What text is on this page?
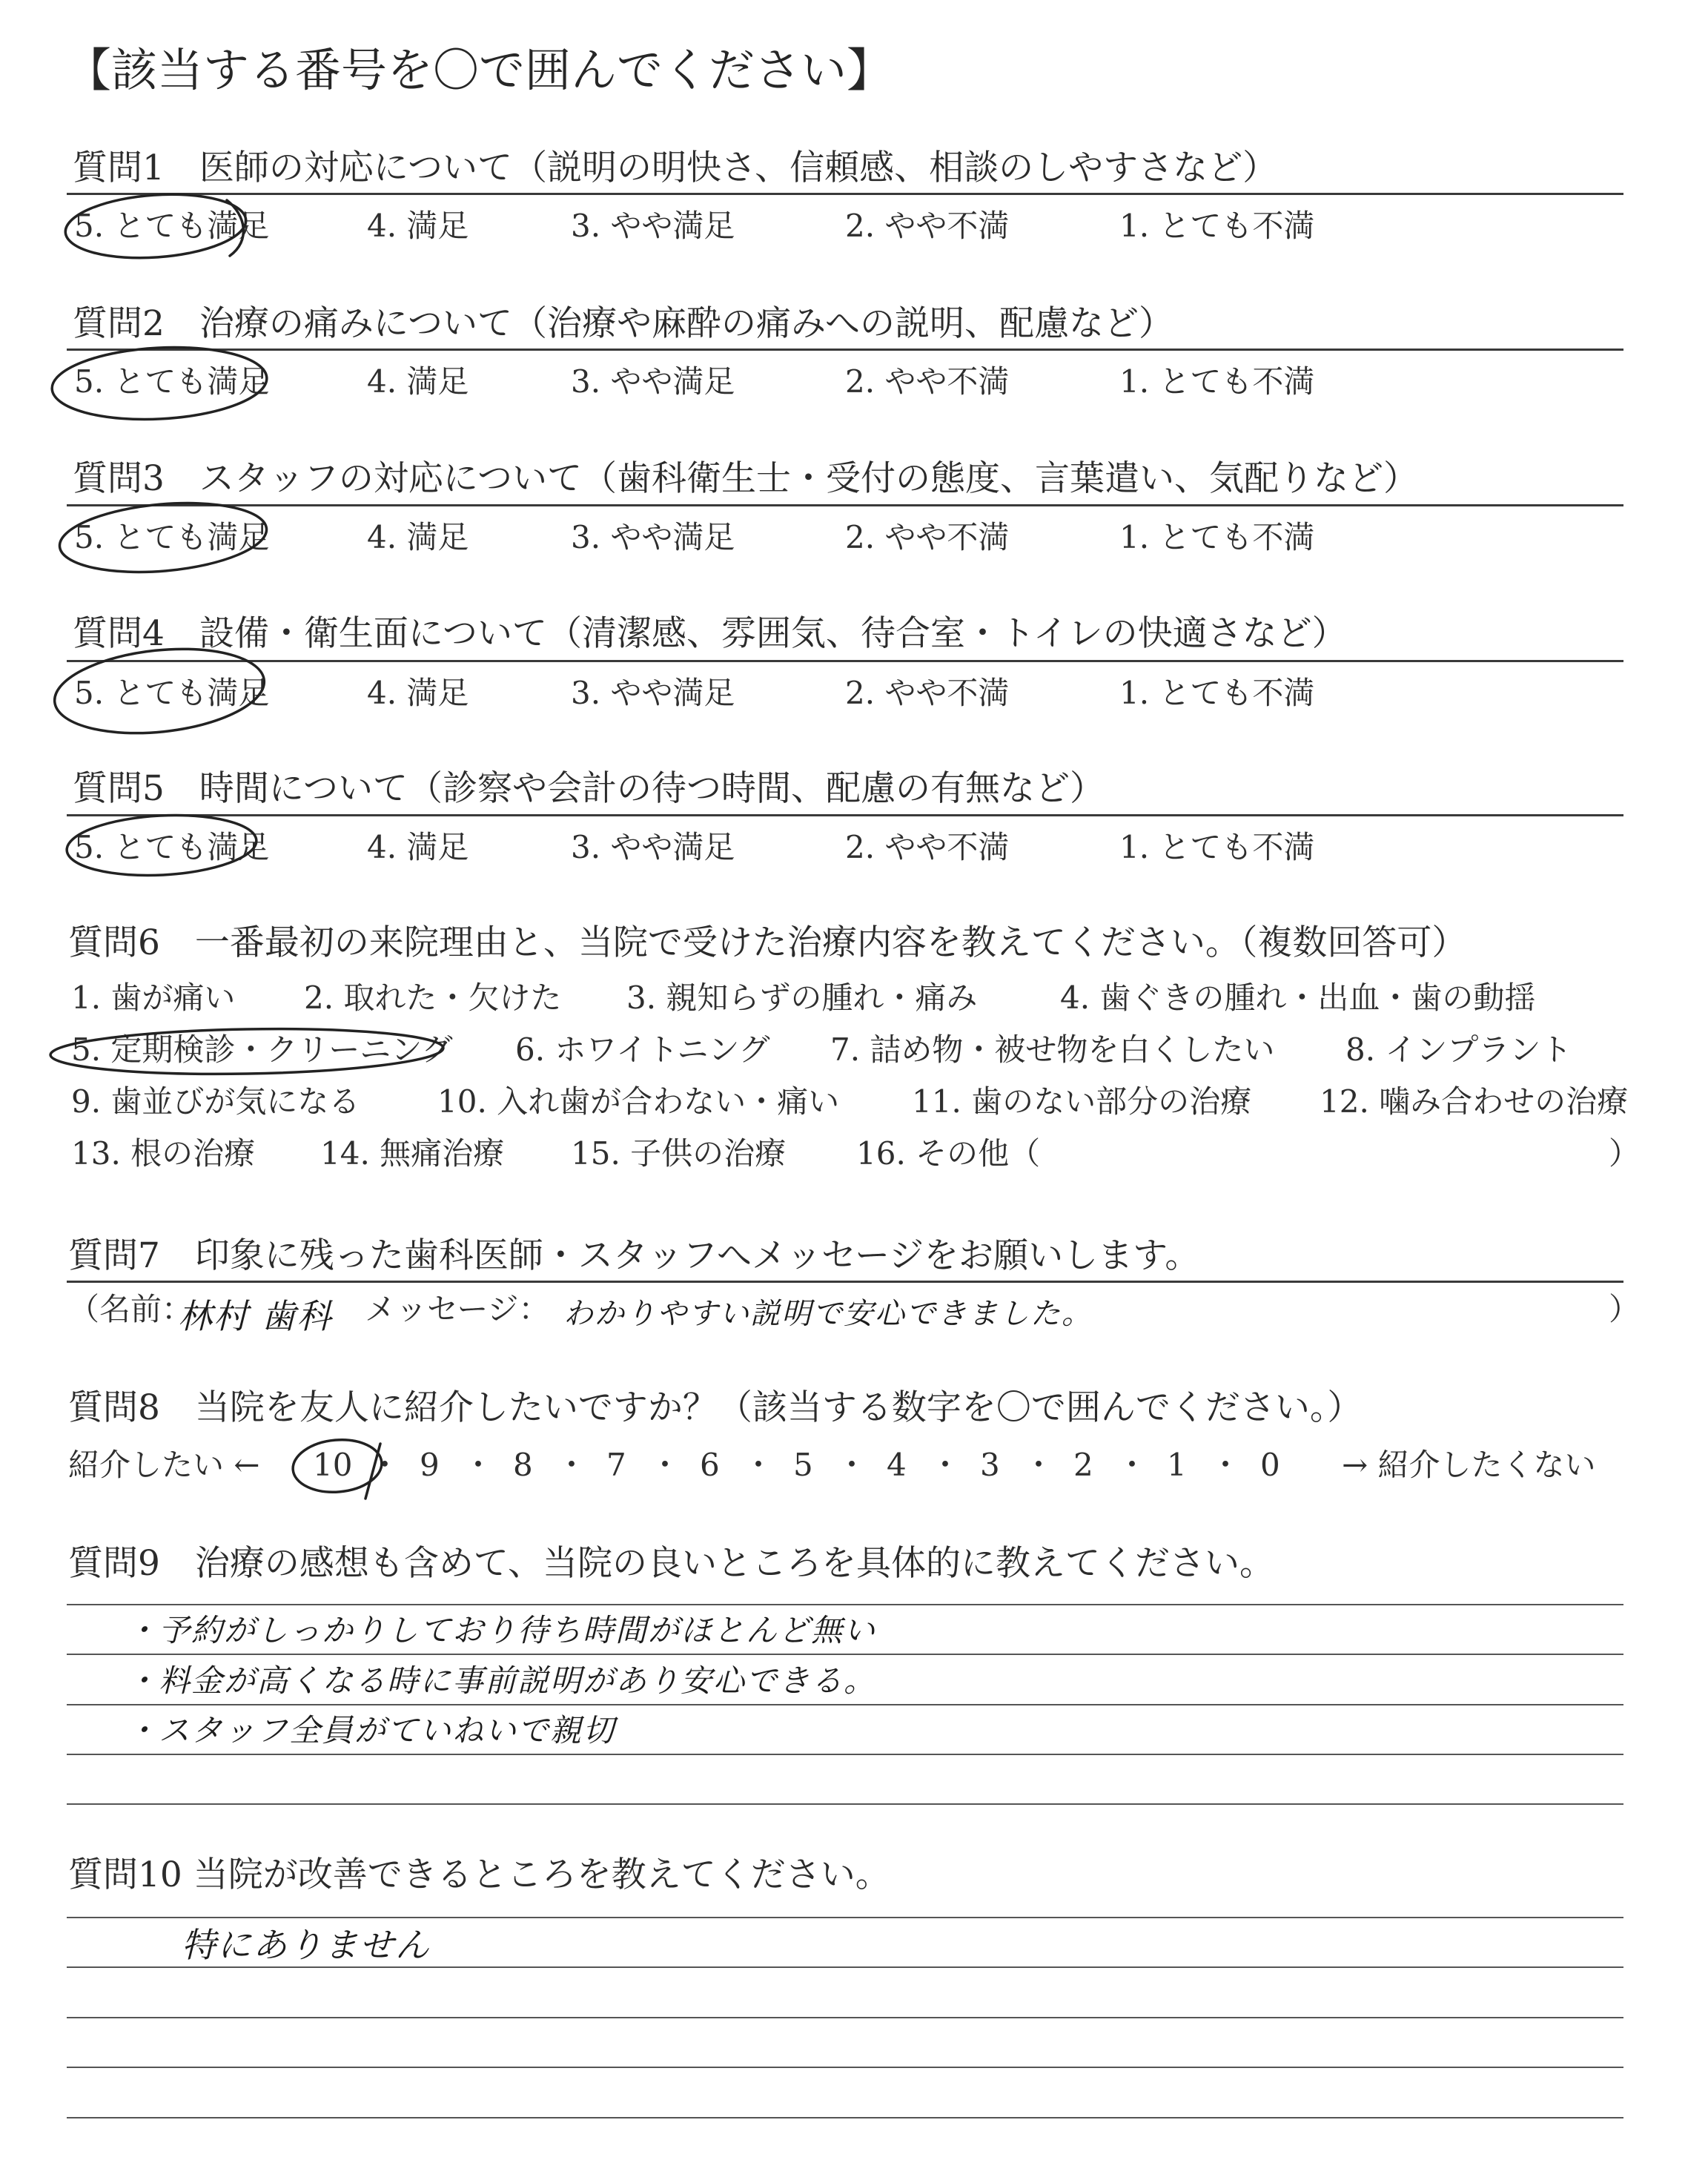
【該当する番号を〇で囲んでください】
質問1　医師の対応について（説明の明快さ、信頼感、相談のしやすさなど）
5. とても満足	4. 満足	3. やや満足	2. やや不満	1. とても不満
質問2　治療の痛みについて（治療や麻酔の痛みへの説明、配慮など）
5. とても満足	4. 満足	3. やや満足	2. やや不満	1. とても不満
質問3　スタッフの対応について（歯科衛生士・受付の態度、言葉遣い、気配りなど）
5. とても満足	4. 満足	3. やや満足	2. やや不満	1. とても不満
質問4　設備・衛生面について（清潔感、雰囲気、待合室・トイレの快適さなど）
5. とても満足	4. 満足	3. やや満足	2. やや不満	1. とても不満
質問5　時間について（診察や会計の待つ時間、配慮の有無など）
5. とても満足	4. 満足	3. やや満足	2. やや不満	1. とても不満
質問6　一番最初の来院理由と、当院で受けた治療内容を教えてください。（複数回答可）
1. 歯が痛い 2. 取れた・欠けた 3. 親知らずの腫れ・痛み	4. 歯ぐきの腫れ・出血・歯の動揺
5. 定期検診・クリーニング 6. ホワイトニング 7. 詰め物・被せ物を白くしたい 8. インプラント
9. 歯並びが気になる 10. 入れ歯が合わない・痛い 11. 歯のない部分の治療 12. 噛み合わせの治療
13. 根の治療 14. 無痛治療 15. 子供の治療 16. その他（	）
質問7　印象に残った歯科医師・スタッフへメッセージをお願いします。
（名前：
林村 歯科 メッセージ： わかりやすい説明で安心できました。	）
質問8　当院を友人に紹介したいですか？（該当する数字を〇で囲んでください。）
紹介したい ← 10 ・ 9 ・ 8 ・ 7 ・ 6 ・ 5 ・ 4 ・ 3 ・ 2 ・ 1 ・ 0 → 紹介したくない
質問9　治療の感想も含めて、当院の良いところを具体的に教えてください。
・予約がしっかりしており待ち時間がほとんど無い
・料金が高くなる時に事前説明があり安心できる。
・スタッフ全員がていねいで親切
質問10 当院が改善できるところを教えてください。
特にありません
